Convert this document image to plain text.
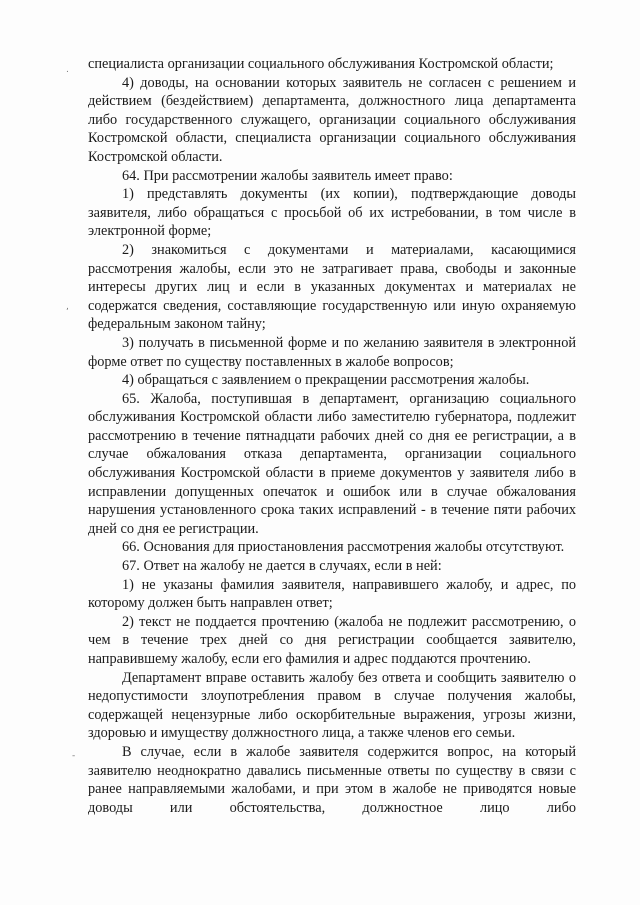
.
,
-

специалиста организации социального обслуживания Костромской области;

4) доводы, на основании которых заявитель не согласен с решением и действием (бездействием) департамента, должностного лица департамента либо государственного служащего, организации социального обслуживания Костромской области, специалиста организации социального обслуживания Костромской области.

64. При рассмотрении жалобы заявитель имеет право:

1) представлять документы (их копии), подтверждающие доводы заявителя, либо обращаться с просьбой об их истребовании, в том числе в электронной форме;

2) знакомиться с документами и материалами, касающимися рассмотрения жалобы, если это не затрагивает права, свободы и законные интересы других лиц и если в указанных документах и материалах не содержатся сведения, составляющие государственную или иную охраняемую федеральным законом тайну;

3) получать в письменной форме и по желанию заявителя в электронной форме ответ по существу поставленных в жалобе вопросов;

4) обращаться с заявлением о прекращении рассмотрения жалобы.

65. Жалоба, поступившая в департамент, организацию социального обслуживания Костромской области либо заместителю губернатора, подлежит рассмотрению в течение пятнадцати рабочих дней со дня ее регистрации, а в случае обжалования отказа департамента, организации социального обслуживания Костромской области в приеме документов у заявителя либо в исправлении допущенных опечаток и ошибок или в случае обжалования нарушения установленного срока таких исправлений - в течение пяти рабочих дней со дня ее регистрации.

66. Основания для приостановления рассмотрения жалобы отсутствуют.

67. Ответ на жалобу не дается в случаях, если в ней:

1) не указаны фамилия заявителя, направившего жалобу, и адрес, по которому должен быть направлен ответ;

2) текст не поддается прочтению (жалоба не подлежит рассмотрению, о чем в течение трех дней со дня регистрации сообщается заявителю, направившему жалобу, если его фамилия и адрес поддаются прочтению.

Департамент вправе оставить жалобу без ответа и сообщить заявителю о недопустимости злоупотребления правом в случае получения жалобы, содержащей нецензурные либо оскорбительные выражения, угрозы жизни, здоровью и имуществу должностного лица, а также членов его семьи.

В случае, если в жалобе заявителя содержится вопрос, на который заявителю неоднократно давались письменные ответы по существу в связи с ранее направляемыми жалобами, и при этом в жалобе не приводятся новые доводы или обстоятельства, должностное лицо либо
